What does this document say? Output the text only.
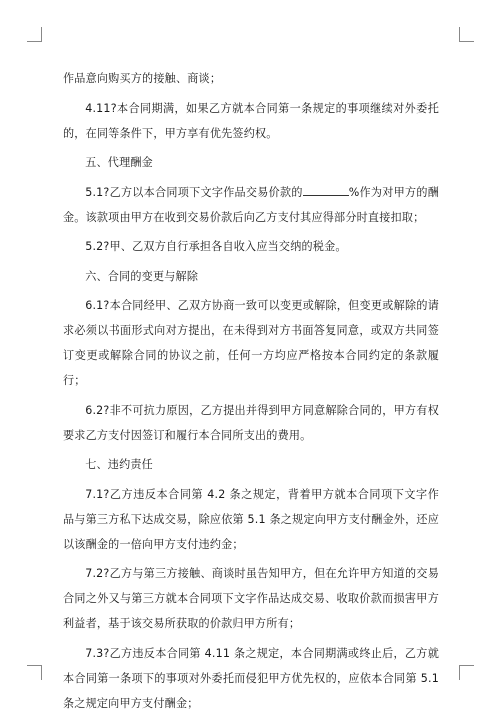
作品意向购买方的接触、商谈；

4.11?本合同期满，如果乙方就本合同第一条规定的事项继续对外委托的，在同等条件下，甲方享有优先签约权。

五、代理酬金

5.1?乙方以本合同项下文字作品交易价款的	%作为对甲方的酬金。该款项由甲方在收到交易价款后向乙方支付其应得部分时直接扣取；

5.2?甲、乙双方自行承担各自收入应当交纳的税金。

六、合同的变更与解除

6.1?本合同经甲、乙双方协商一致可以变更或解除，但变更或解除的请求必须以书面形式向对方提出，在未得到对方书面答复同意，或双方共同签订变更或解除合同的协议之前，任何一方均应严格按本合同约定的条款履行；

6.2?非不可抗力原因，乙方提出并得到甲方同意解除合同的，甲方有权要求乙方支付因签订和履行本合同所支出的费用。

七、违约责任

7.1?乙方违反本合同第 4.2 条之规定，背着甲方就本合同项下文字作品与第三方私下达成交易，除应依第 5.1 条之规定向甲方支付酬金外，还应以该酬金的一倍向甲方支付违约金；

7.2?乙方与第三方接触、商谈时虽告知甲方，但在允许甲方知道的交易合同之外又与第三方就本合同项下文字作品达成交易、收取价款而损害甲方利益者，基于该交易所获取的价款归甲方所有；

7.3?乙方违反本合同第 4.11 条之规定，本合同期满或终止后，乙方就本合同第一条项下的事项对外委托而侵犯甲方优先权的，应依本合同第 5.1 条之规定向甲方支付酬金；
